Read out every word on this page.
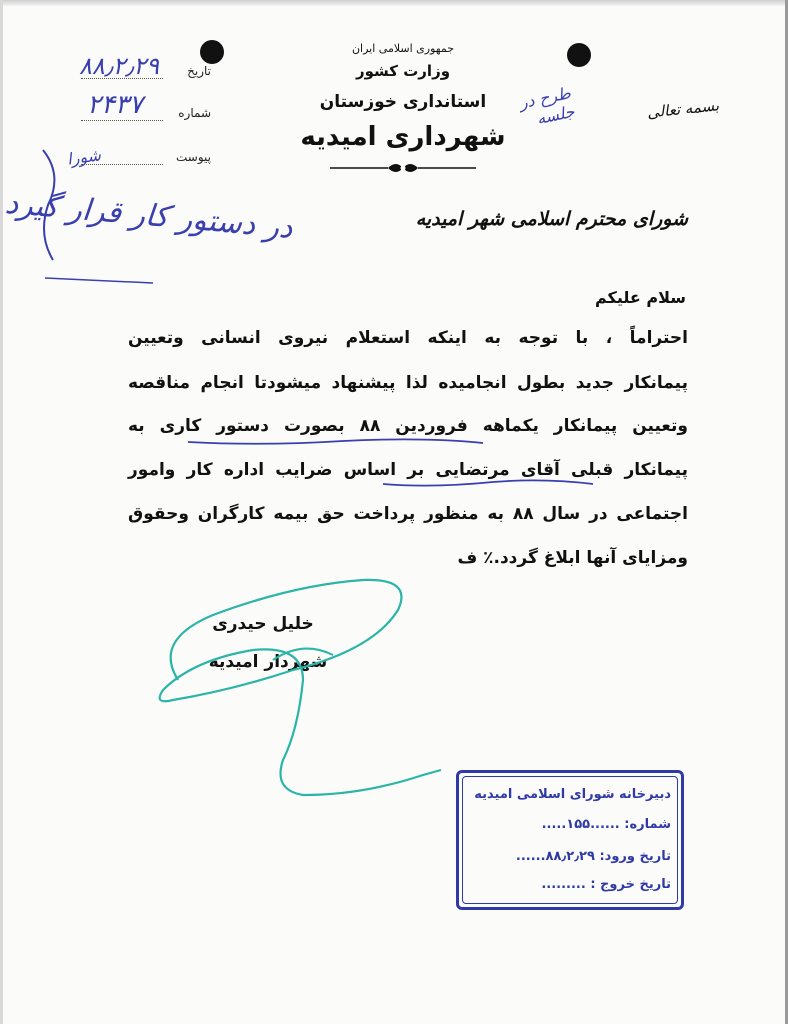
جمهوری اسلامی ایران
وزارت کشور
استانداری خوزستان
شهرداری امیدیه
بسمه تعالی
تاریخ
شماره
پیوست
۸۸٫۲٫۲۹
۲۴۳۷	طرح در جلسه
در دستور کار قرار گیرد
شورا
شورای محترم اسلامی شهر امیدیه
سلام علیکم
احتراماً ، با توجه به اینکه استعلام نیروی انسانی وتعیین
پیمانکار جدید بطول انجامیده لذا پیشنهاد میشودتا انجام مناقصه
وتعیین پیمانکار یکماهه فروردین ۸۸ بصورت دستور کاری به
پیمانکار قبلی آقای مرتضایی بر اساس ضرایب اداره کار وامور
اجتماعی در سال ۸۸ به منظور پرداخت حق بیمه کارگران وحقوق
ومزایای آنها ابلاغ گردد.٪ ف
خلیل حیدری
شهردار امیدیه
دبیرخانه شورای اسلامی امیدیه
شماره: ......۱۵۵.....
تاریخ ورود: ۸۸٫۲٫۲۹......
تاریخ خروج : .........
